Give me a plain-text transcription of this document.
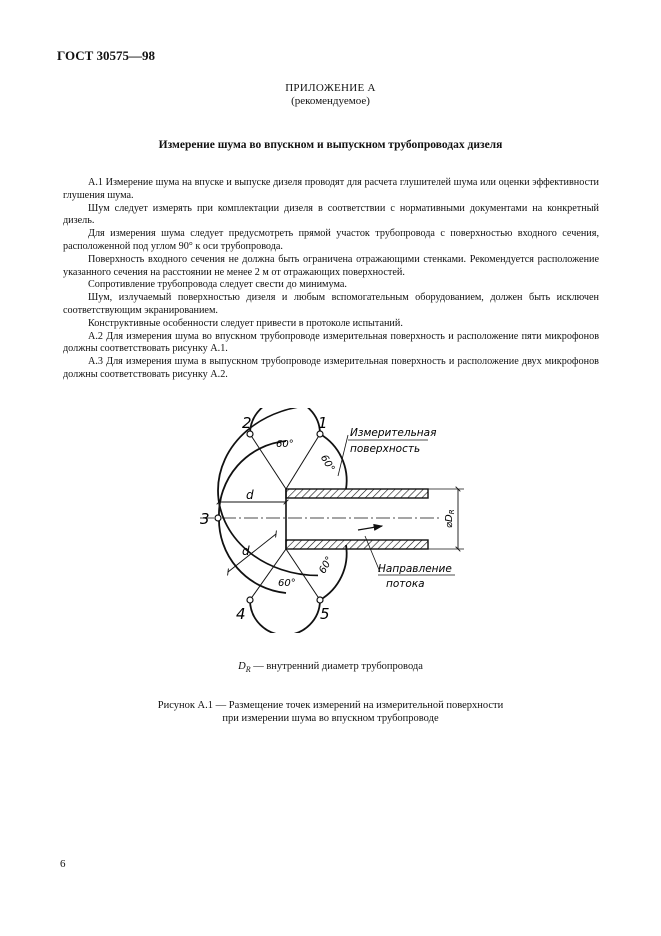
ГОСТ 30575—98
ПРИЛОЖЕНИЕ А
(рекомендуемое)
Измерение шума во впускном и выпускном трубопроводах дизеля

А.1 Измерение шума на впуске и выпуске дизеля проводят для расчета глушителей шума или оценки эффективности глушения шума.

Шум следует измерять при комплектации дизеля в соответствии с нормативными документами на конкретный дизель.

Для измерения шума следует предусмотреть прямой участок трубопровода с поверхностью входного сечения, расположенной под углом 90° к оси трубопровода.

Поверхность входного сечения не должна быть ограничена отражающими стенками. Рекомендуется расположение указанного сечения на расстоянии не менее 2 м от отражающих поверхностей.

Сопротивление трубопровода следует свести до минимума.

Шум, излучаемый поверхностью дизеля и любым вспомогательным оборудованием, должен быть исключен соответствующим экранированием.

Конструктивные особенности следует привести в протоколе испытаний.

А.2 Для измерения шума во впускном трубопроводе измерительная поверхность и расположение пяти микрофонов должны соответствовать рисунку А.1.

А.3 Для измерения шума в выпускном трубопроводе измерительная поверхность и расположение двух микрофонов должны соответствовать рисунку А.2.

1
2
3
4	5
60°
60°
60°
60°
d
d
$⌀D_R$
Измерительная
поверхность
Направление
потока
$D_R$ — внутренний диаметр трубопровода
Рисунок А.1 — Размещение точек измерений на измерительной поверхности
при измерении шума во впускном трубопроводе
6
